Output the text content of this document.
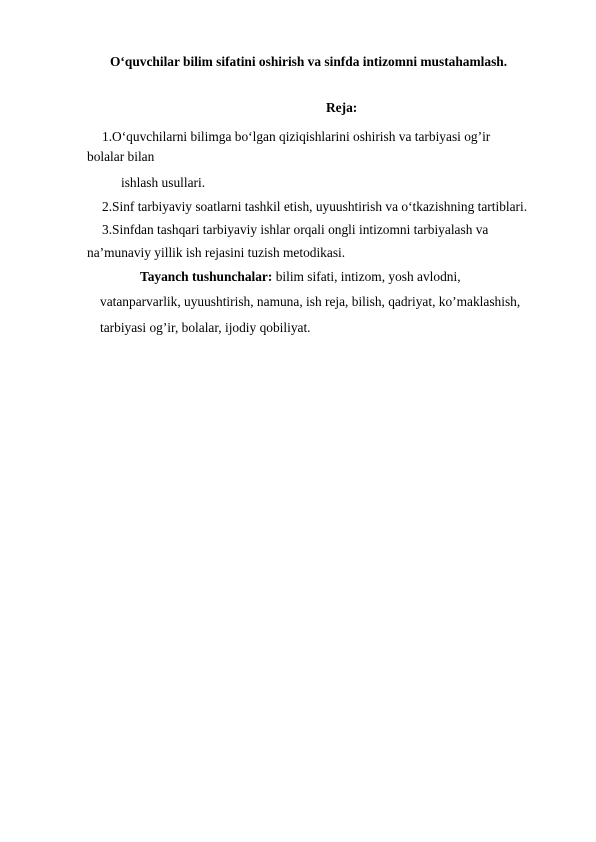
O‘quvchilar bilim sifatini oshirish va sinfda intizomni mustahamlash.
Reja:
1.O‘quvchilarni bilimga bo‘lgan qiziqishlarini oshirish va tarbiyasi og’ir
bolalar bilan
ishlash usullari.
2.Sinf tarbiyaviy soatlarni tashkil etish, uyuushtirish va o‘tkazishning tartiblari.
3.Sinfdan tashqari tarbiyaviy ishlar orqali ongli intizomni tarbiyalash va
na’munaviy yillik ish rejasini tuzish metodikasi.
Tayanch tushunchalar: bilim sifati, intizom, yosh avlodni,
vatanparvarlik, uyuushtirish, namuna, ish reja, bilish, qadriyat, ko’maklashish,
tarbiyasi og’ir, bolalar, ijodiy qobiliyat.
